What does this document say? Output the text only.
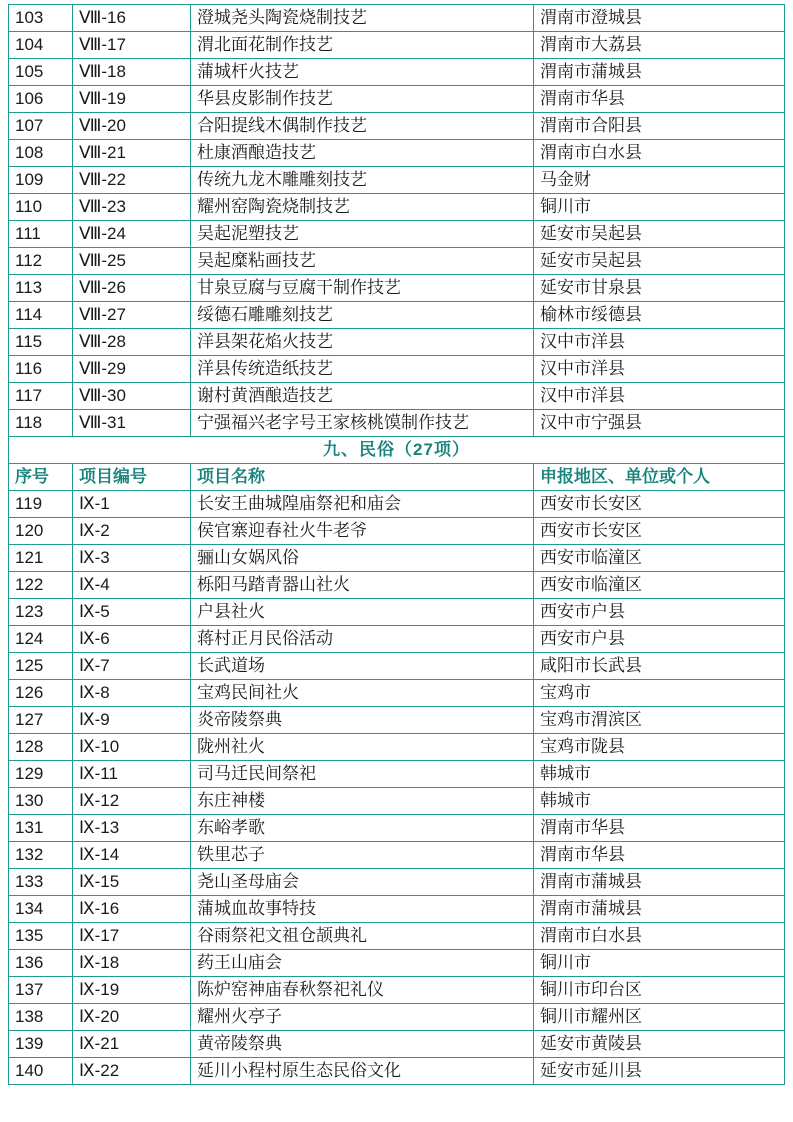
103	Ⅷ-16	澄城尧头陶瓷烧制技艺	渭南市澄城县
104	Ⅷ-17	渭北面花制作技艺	渭南市大荔县
105	Ⅷ-18	蒲城杆火技艺	渭南市蒲城县
106	Ⅷ-19	华县皮影制作技艺	渭南市华县
107	Ⅷ-20	合阳提线木偶制作技艺	渭南市合阳县
108	Ⅷ-21	杜康酒酿造技艺	渭南市白水县
109	Ⅷ-22	传统九龙木雕雕刻技艺	马金财
110	Ⅷ-23	耀州窑陶瓷烧制技艺	铜川市
111	Ⅷ-24	吴起泥塑技艺	延安市吴起县
112	Ⅷ-25	吴起糜粘画技艺	延安市吴起县
113	Ⅷ-26	甘泉豆腐与豆腐干制作技艺	延安市甘泉县
114	Ⅷ-27	绥德石雕雕刻技艺	榆林市绥德县
115	Ⅷ-28	洋县架花焰火技艺	汉中市洋县
116	Ⅷ-29	洋县传统造纸技艺	汉中市洋县
117	Ⅷ-30	谢村黄酒酿造技艺	汉中市洋县
118	Ⅷ-31	宁强福兴老字号王家核桃馍制作技艺	汉中市宁强县
九、民俗（27项）			
序号	项目编号	项目名称	申报地区、单位或个人
119	Ⅸ-1	长安王曲城隍庙祭祀和庙会	西安市长安区
120	Ⅸ-2	侯官寨迎春社火牛老爷	西安市长安区
121	Ⅸ-3	骊山女娲风俗	西安市临潼区
122	Ⅸ-4	栎阳马踏青器山社火	西安市临潼区
123	Ⅸ-5	户县社火	西安市户县
124	Ⅸ-6	蒋村正月民俗活动	西安市户县
125	Ⅸ-7	长武道场	咸阳市长武县
126	Ⅸ-8	宝鸡民间社火	宝鸡市
127	Ⅸ-9	炎帝陵祭典	宝鸡市渭滨区
128	Ⅸ-10	陇州社火	宝鸡市陇县
129	Ⅸ-11	司马迁民间祭祀	韩城市
130	Ⅸ-12	东庄神楼	韩城市
131	Ⅸ-13	东峪孝歌	渭南市华县
132	Ⅸ-14	铁里芯子	渭南市华县
133	Ⅸ-15	尧山圣母庙会	渭南市蒲城县
134	Ⅸ-16	蒲城血故事特技	渭南市蒲城县
135	Ⅸ-17	谷雨祭祀文祖仓颉典礼	渭南市白水县
136	Ⅸ-18	药王山庙会	铜川市
137	Ⅸ-19	陈炉窑神庙春秋祭祀礼仪	铜川市印台区
138	Ⅸ-20	耀州火亭子	铜川市耀州区
139	Ⅸ-21	黄帝陵祭典	延安市黄陵县
140	Ⅸ-22	延川小程村原生态民俗文化	延安市延川县
